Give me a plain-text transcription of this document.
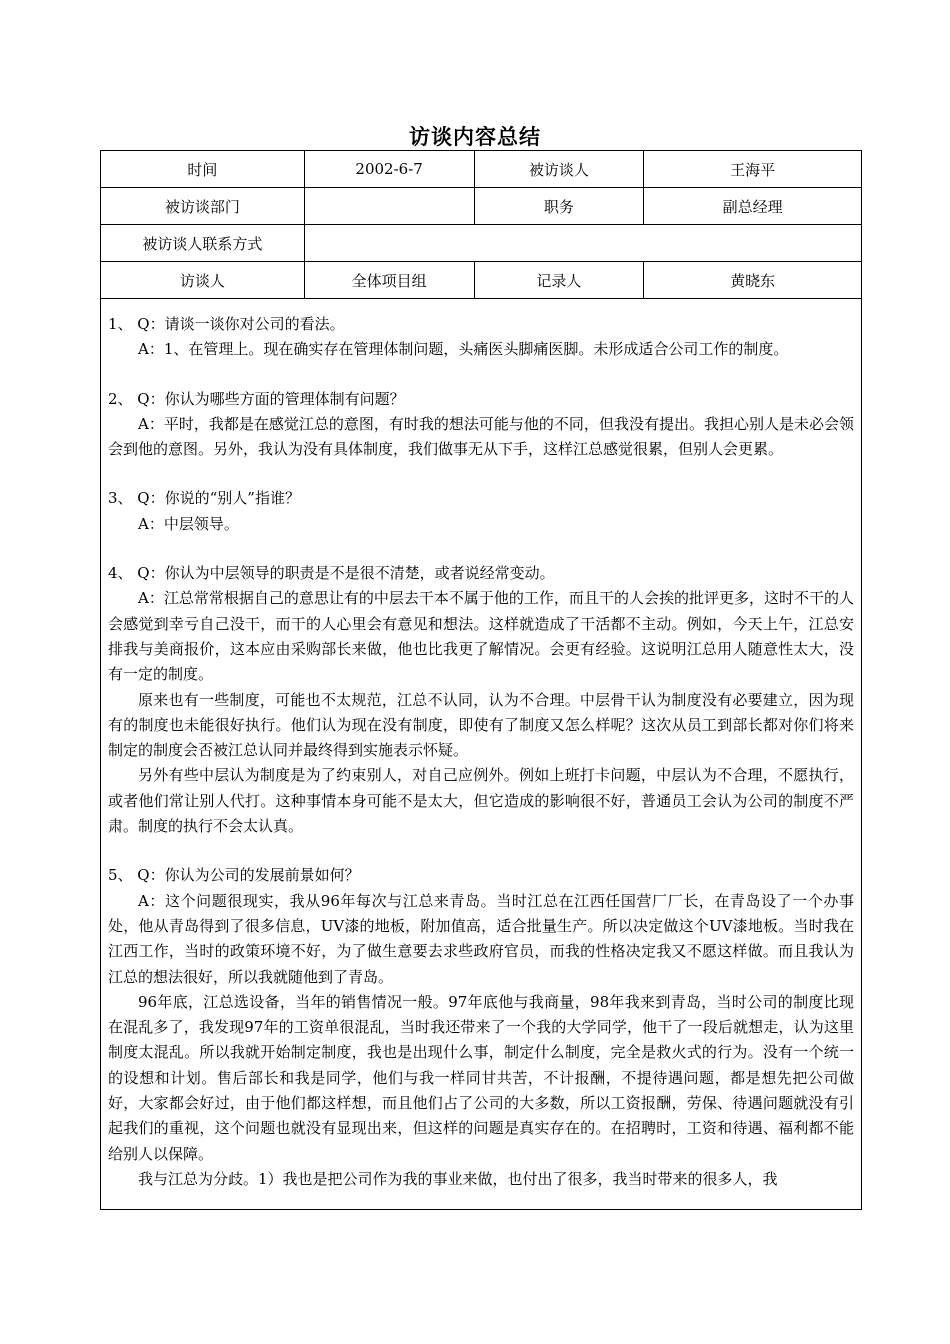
访谈内容总结
时间	2002-6-7	被访谈人	王海平
被访谈部门		职务	副总经理
被访谈人联系方式			
访谈人	全体项目组	记录人	黄晓东

1、 Q：请谈一谈你对公司的看法。

A：1、在管理上。现在确实存在管理体制问题，头痛医头脚痛医脚。未形成适合公司工作的制度。

2、 Q：你认为哪些方面的管理体制有问题？

A：平时，我都是在感觉江总的意图，有时我的想法可能与他的不同，但我没有提出。我担心别人是未必会领会到他的意图。另外，我认为没有具体制度，我们做事无从下手，这样江总感觉很累，但别人会更累。

3、 Q：你说的“别人”指谁？

A：中层领导。

4、 Q：你认为中层领导的职责是不是很不清楚，或者说经常变动。

A：江总常常根据自己的意思让有的中层去干本不属于他的工作，而且干的人会挨的批评更多，这时不干的人会感觉到幸亏自己没干，而干的人心里会有意见和想法。这样就造成了干活都不主动。例如，今天上午，江总安排我与美商报价，这本应由采购部长来做，他也比我更了解情况。会更有经验。这说明江总用人随意性太大，没有一定的制度。

原来也有一些制度，可能也不太规范，江总不认同，认为不合理。中层骨干认为制度没有必要建立，因为现有的制度也未能很好执行。他们认为现在没有制度，即使有了制度又怎么样呢？这次从员工到部长都对你们将来制定的制度会否被江总认同并最终得到实施表示怀疑。

另外有些中层认为制度是为了约束别人，对自己应例外。例如上班打卡问题，中层认为不合理，不愿执行，或者他们常让别人代打。这种事情本身可能不是太大，但它造成的影响很不好，普通员工会认为公司的制度不严肃。制度的执行不会太认真。

5、 Q：你认为公司的发展前景如何？

A：这个问题很现实，我从96年每次与江总来青岛。当时江总在江西任国营厂厂长，在青岛设了一个办事处，他从青岛得到了很多信息，UV漆的地板，附加值高，适合批量生产。所以决定做这个UV漆地板。当时我在江西工作，当时的政策环境不好，为了做生意要去求些政府官员，而我的性格决定我又不愿这样做。而且我认为江总的想法很好，所以我就随他到了青岛。

96年底，江总选设备，当年的销售情况一般。97年底他与我商量，98年我来到青岛，当时公司的制度比现在混乱多了，我发现97年的工资单很混乱，当时我还带来了一个我的大学同学，他干了一段后就想走，认为这里制度太混乱。所以我就开始制定制度，我也是出现什么事，制定什么制度，完全是救火式的行为。没有一个统一的设想和计划。售后部长和我是同学，他们与我一样同甘共苦，不计报酬，不提待遇问题，都是想先把公司做好，大家都会好过，由于他们都这样想，而且他们占了公司的大多数，所以工资报酬，劳保、待遇问题就没有引起我们的重视，这个问题也就没有显现出来，但这样的问题是真实存在的。在招聘时，工资和待遇、福利都不能给别人以保障。

我与江总为分歧。1）我也是把公司作为我的事业来做，也付出了很多，我当时带来的很多人，我
